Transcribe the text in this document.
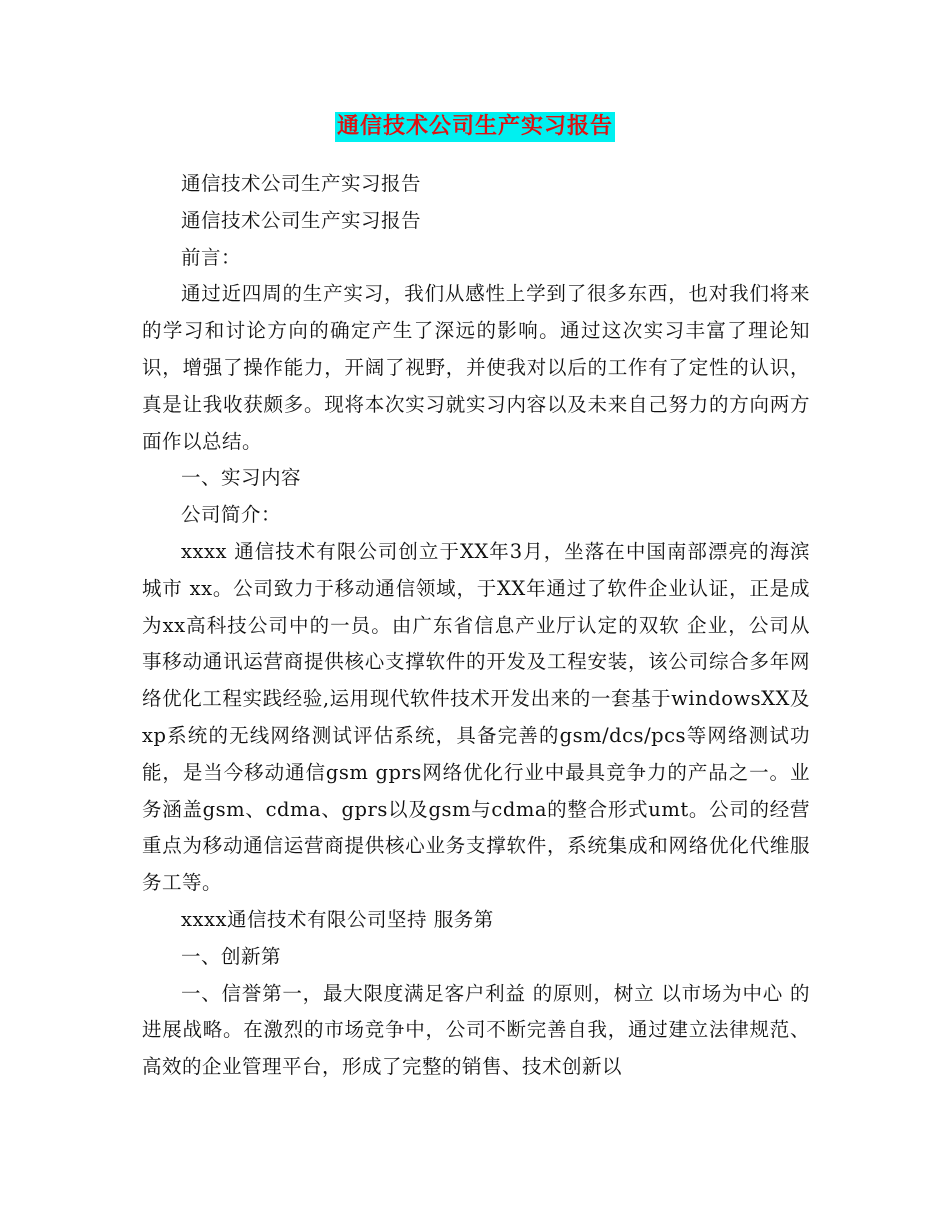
通信技术公司生产实习报告

通信技术公司生产实习报告

通信技术公司生产实习报告

前言：

通过近四周的生产实习，我们从感性上学到了很多东西，也对我们将来的学习和讨论方向的确定产生了深远的影响。通过这次实习丰富了理论知识，增强了操作能力，开阔了视野，并使我对以后的工作有了定性的认识，真是让我收获颇多。现将本次实习就实习内容以及未来自己努力的方向两方面作以总结。

一、实习内容

公司简介：

xxxx 通信技术有限公司创立于XX年3月，坐落在中国南部漂亮的海滨城市 xx。公司致力于移动通信领域，于XX年通过了软件企业认证，正是成为xx高科技公司中的一员。由广东省信息产业厅认定的双软 企业，公司从事移动通讯运营商提供核心支撑软件的开发及工程安装，该公司综合多年网络优化工程实践经验,运用现代软件技术开发出来的一套基于windowsXX及xp系统的无线网络测试评估系统，具备完善的gsm/dcs/pcs等网络测试功能，是当今移动通信gsm gprs网络优化行业中最具竞争力的产品之一。业务涵盖gsm、cdma、gprs以及gsm与cdma的整合形式umt。公司的经营重点为移动通信运营商提供核心业务支撑软件，系统集成和网络优化代维服务工等。

xxxx通信技术有限公司坚持 服务第

一、创新第

一、信誉第一，最大限度满足客户利益 的原则，树立 以市场为中心 的进展战略。在激烈的市场竞争中，公司不断完善自我，通过建立法律规范、高效的企业管理平台，形成了完整的销售、技术创新以
